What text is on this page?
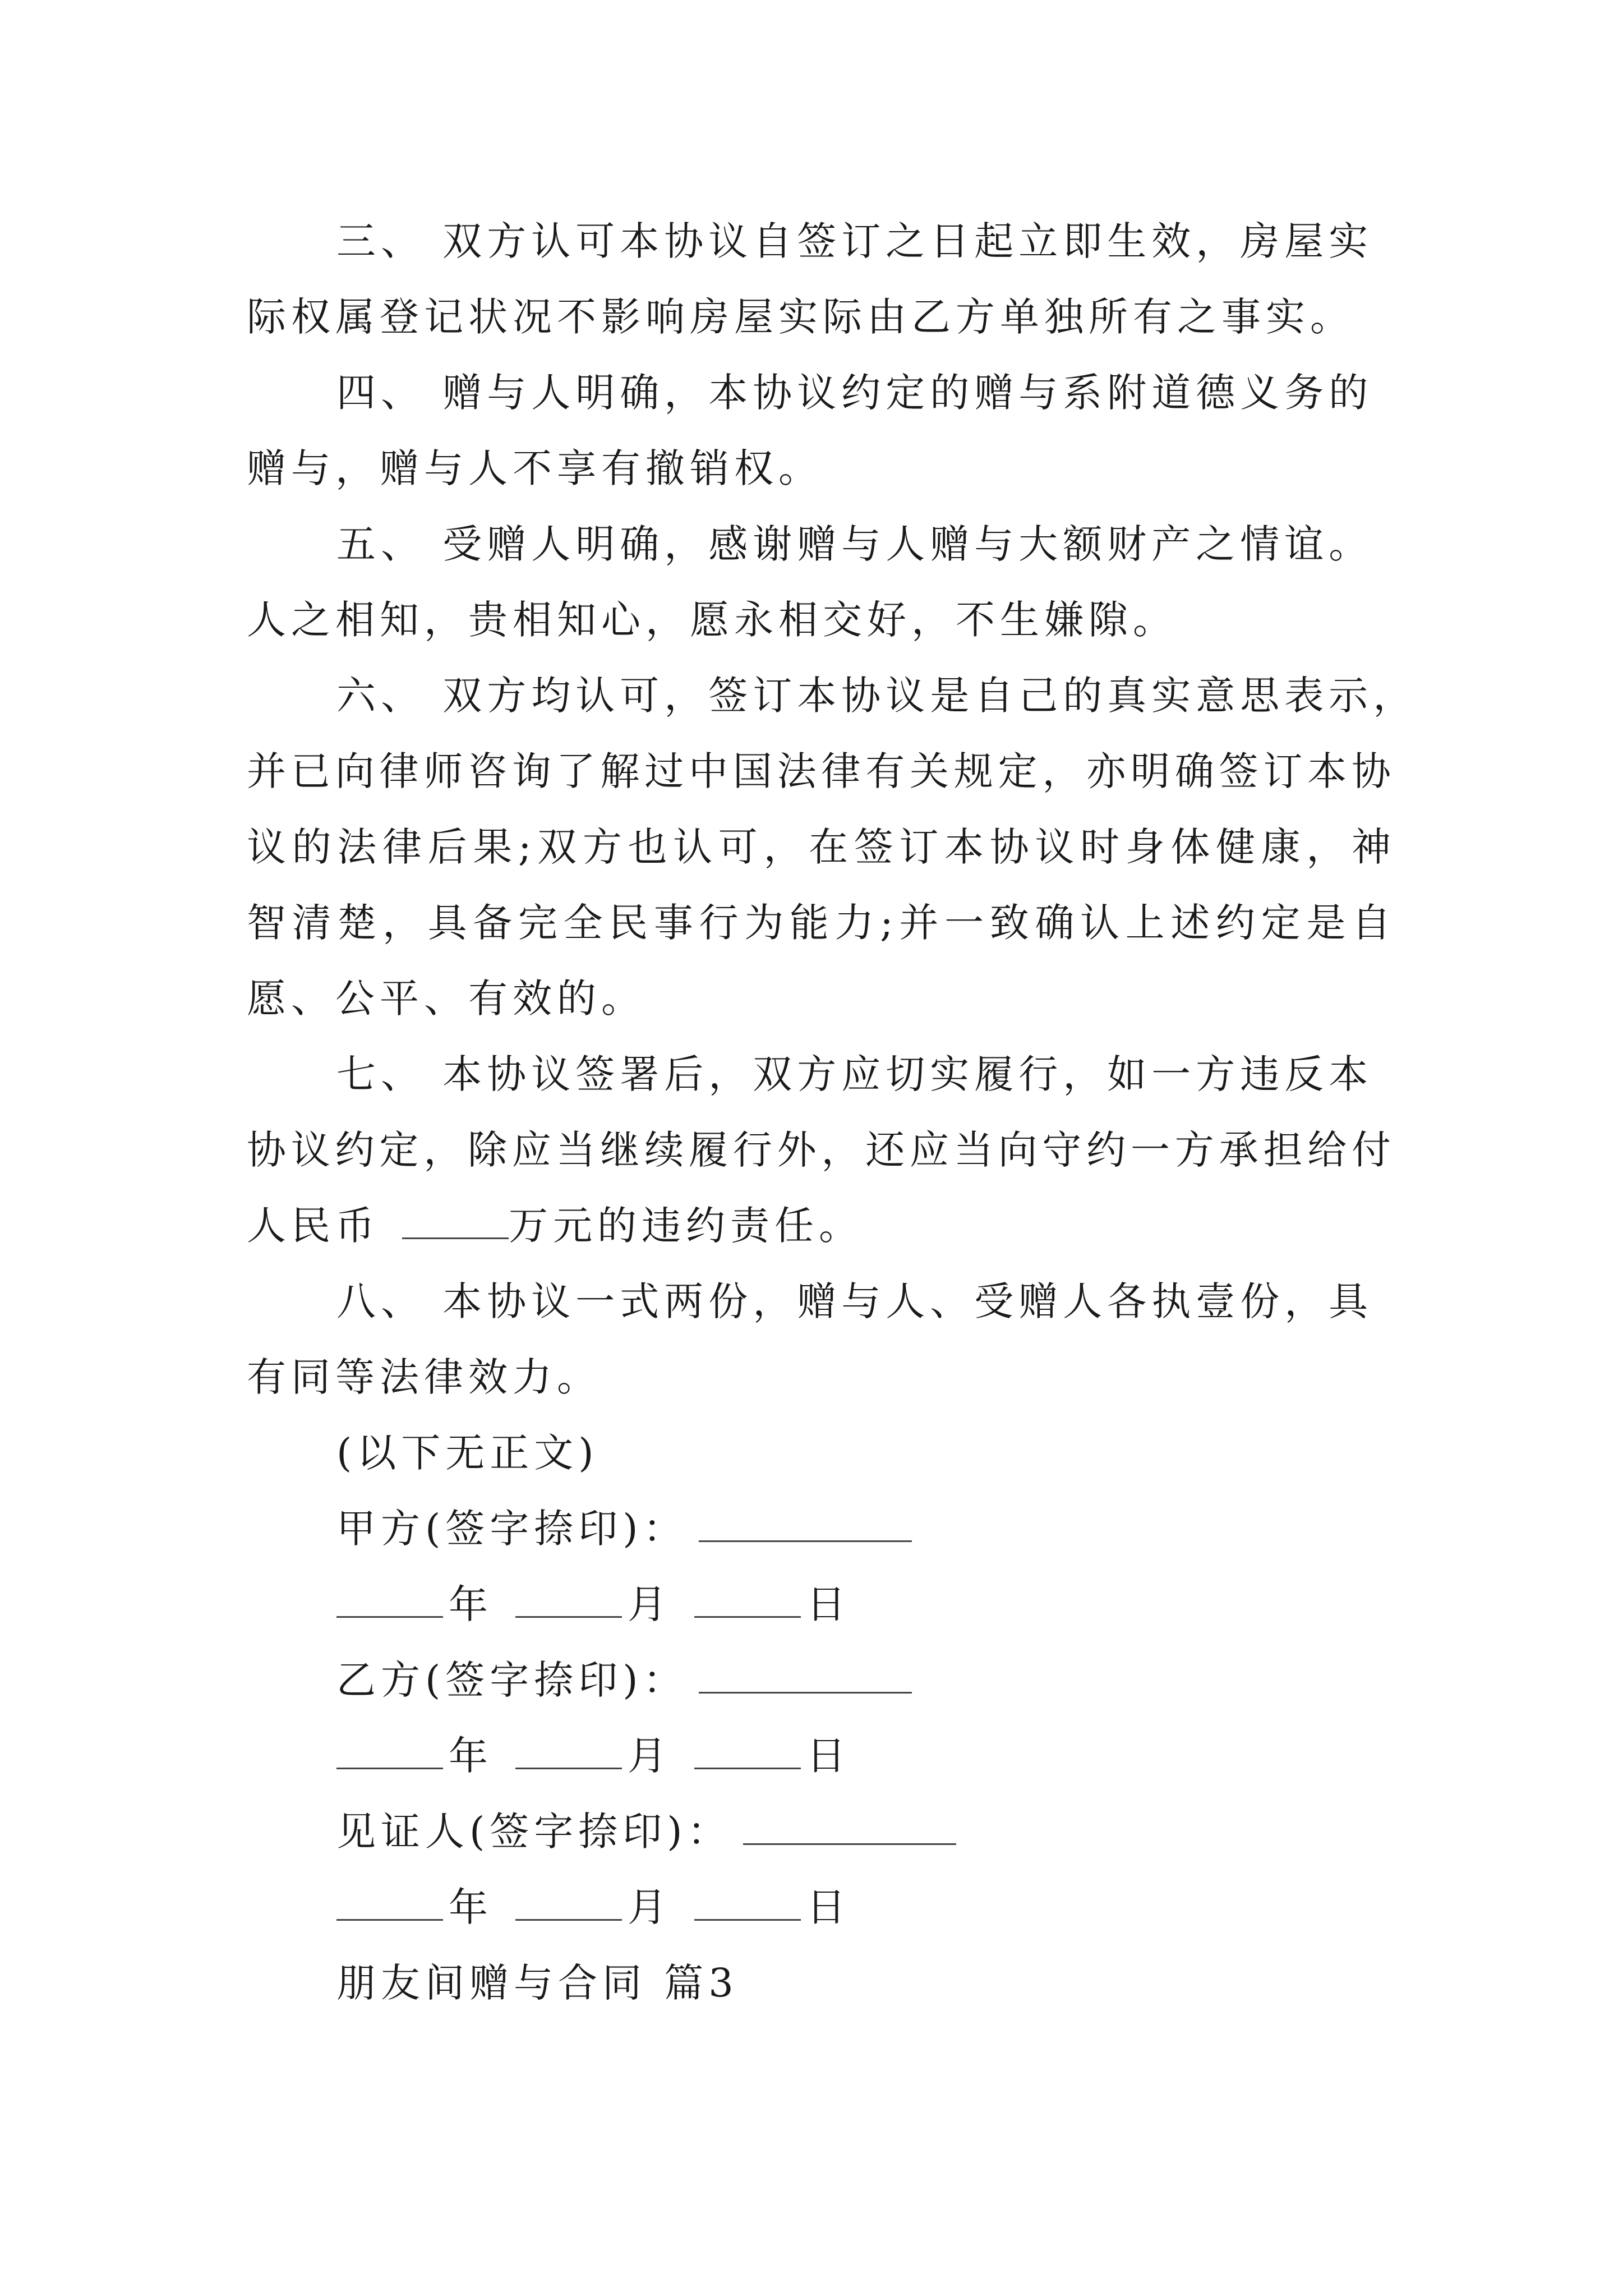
三、 双方认可本协议自签订之日起立即生效，房屋实
际权属登记状况不影响房屋实际由乙方单独所有之事实。
四、 赠与人明确，本协议约定的赠与系附道德义务的
赠与，赠与人不享有撤销权。
五、 受赠人明确，感谢赠与人赠与大额财产之情谊。
人之相知，贵相知心，愿永相交好，不生嫌隙。
六、 双方均认可，签订本协议是自己的真实意思表示，
并已向律师咨询了解过中国法律有关规定，亦明确签订本协
议的法律后果;双方也认可，在签订本协议时身体健康，神
智清楚，具备完全民事行为能力;并一致确认上述约定是自
愿、公平、有效的。
七、 本协议签署后，双方应切实履行，如一方违反本
协议约定，除应当继续履行外，还应当向守约一方承担给付
人民币	万元的违约责任。
八、 本协议一式两份，赠与人、受赠人各执壹份，具
有同等法律效力。
(以下无正文)
甲方(签字捺印)：
年	月	日
乙方(签字捺印)：
年	月	日
见证人(签字捺印)：
年	月	日
朋友间赠与合同 篇3
